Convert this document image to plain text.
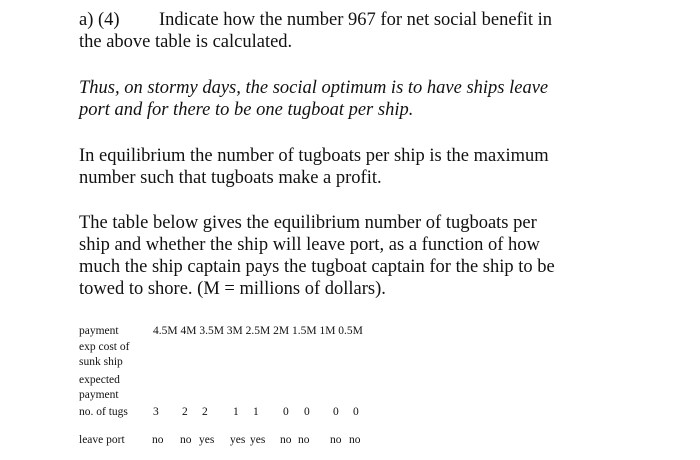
a) (4) Indicate how the number 967 for net social benefit in

the above table is calculated.

Thus, on stormy days, the social optimum is to have ships leave

port and for there to be one tugboat per ship.

In equilibrium the number of tugboats per ship is the maximum

number such that tugboats make a profit.

The table below gives the equilibrium number of tugboats per

ship and whether the ship will leave port, as a function of how

much the ship captain pays the tugboat captain for the ship to be

towed to shore. (M = millions of dollars).

payment	4.5M 4M 3.5M 3M 2.5M 2M 1.5M 1M 0.5M
exp cost of
sunk ship
expected
payment
no. of tugs 3 2 2 1 1 0 0 0 0
leave port no no yes yes yes no no no no
